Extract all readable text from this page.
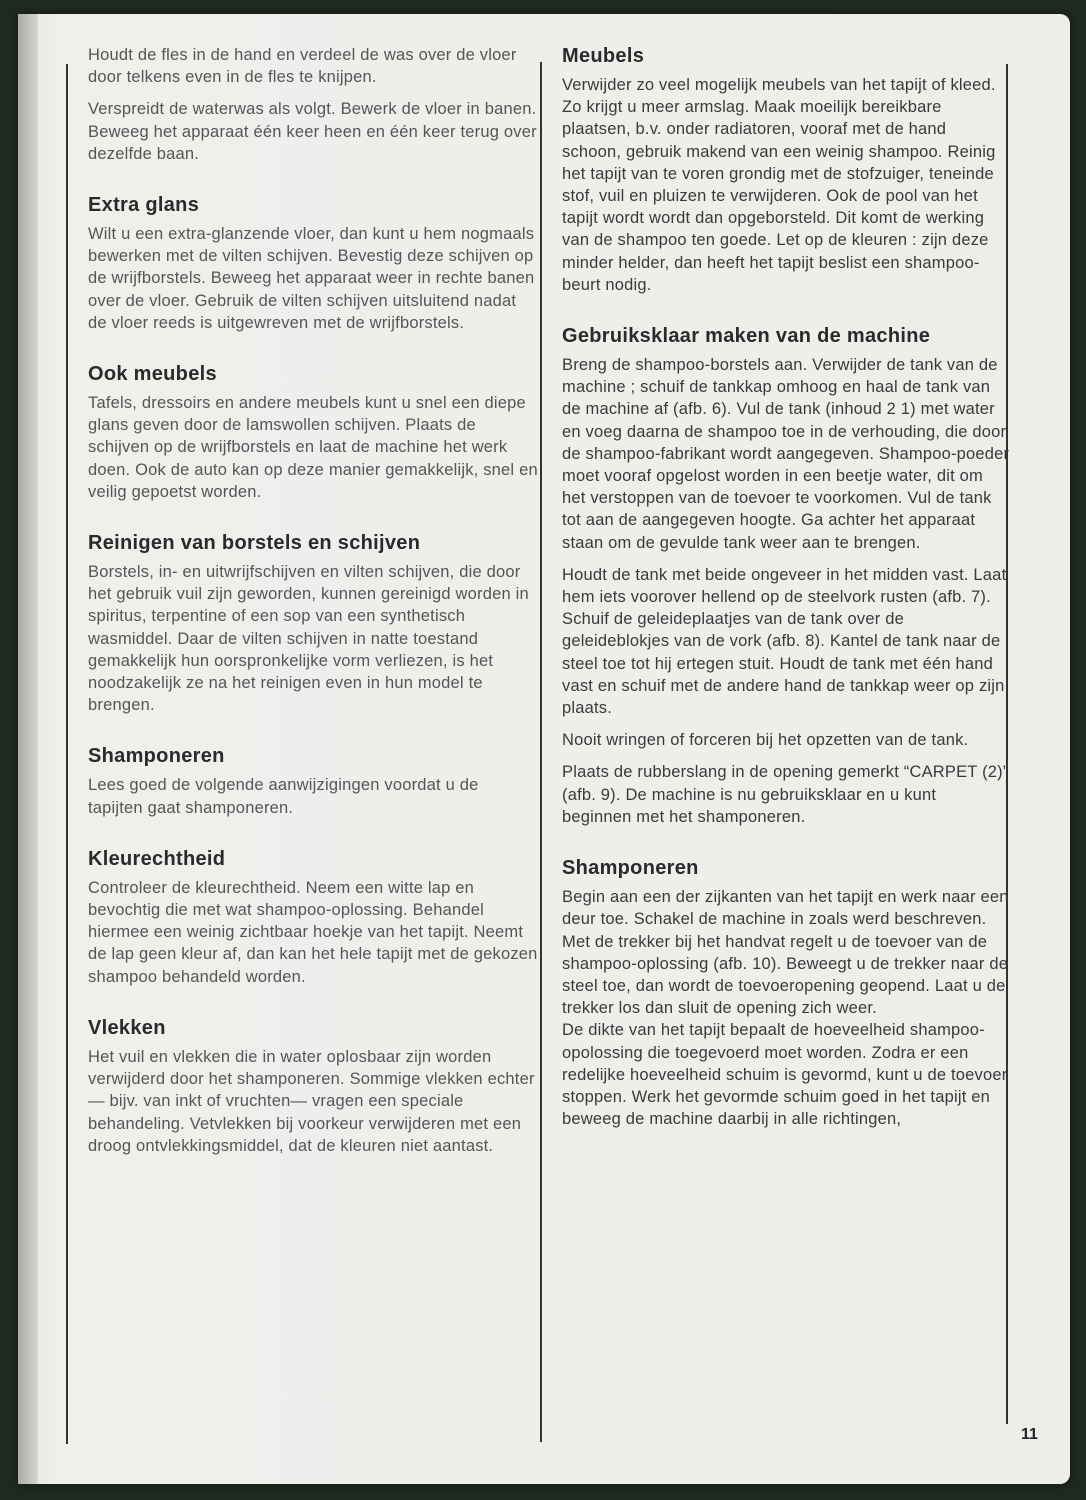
Houdt de fles in de hand en verdeel de was over de vloer door telkens even in de fles te knijpen.

Verspreidt de waterwas als volgt. Bewerk de vloer in banen. Beweeg het apparaat één keer heen en één keer terug over dezelfde baan.

Extra glans

Wilt u een extra-glanzende vloer, dan kunt u hem nogmaals bewerken met de vilten schijven. Bevestig deze schijven op de wrijfborstels. Beweeg het apparaat weer in rechte banen over de vloer. Gebruik de vilten schijven uitsluitend nadat de vloer reeds is uitgewreven met de wrijfborstels.

Ook meubels

Tafels, dressoirs en andere meubels kunt u snel een diepe glans geven door de lamswollen schijven. Plaats de schijven op de wrijfborstels en laat de machine het werk doen. Ook de auto kan op deze manier gemakkelijk, snel en veilig gepoetst worden.

Reinigen van borstels en schijven

Borstels, in- en uitwrijfschijven en vilten schijven, die door het gebruik vuil zijn geworden, kunnen gereinigd worden in spiritus, terpentine of een sop van een synthetisch wasmiddel. Daar de vilten schijven in natte toestand gemakkelijk hun oorspronkelijke vorm verliezen, is het noodzakelijk ze na het reinigen even in hun model te brengen.

Shamponeren

Lees goed de volgende aanwijzigingen voordat u de tapijten gaat shamponeren.

Kleurechtheid

Controleer de kleurechtheid. Neem een witte lap en bevochtig die met wat shampoo-oplossing. Behandel hiermee een weinig zichtbaar hoekje van het tapijt. Neemt de lap geen kleur af, dan kan het hele tapijt met de gekozen shampoo behandeld worden.

Vlekken

Het vuil en vlekken die in water oplosbaar zijn worden verwijderd door het shamponeren. Sommige vlekken echter — bijv. van inkt of vruchten— vragen een speciale behandeling. Vetvlekken bij voorkeur verwijderen met een droog ontvlekkingsmiddel, dat de kleuren niet aantast.

Meubels

Verwijder zo veel mogelijk meubels van het tapijt of kleed. Zo krijgt u meer armslag. Maak moeilijk bereikbare plaatsen, b.v. onder radiatoren, vooraf met de hand schoon, gebruik makend van een weinig shampoo. Reinig het tapijt van te voren grondig met de stofzuiger, teneinde stof, vuil en pluizen te verwijderen. Ook de pool van het tapijt wordt wordt dan opgeborsteld. Dit komt de werking van de shampoo ten goede. Let op de kleuren : zijn deze minder helder, dan heeft het tapijt beslist een shampoo-beurt nodig.

Gebruiksklaar maken van de machine

Breng de shampoo-borstels aan. Verwijder de tank van de machine ; schuif de tankkap omhoog en haal de tank van de machine af (afb. 6). Vul de tank (inhoud 2 1) met water en voeg daarna de shampoo toe in de verhouding, die door de shampoo-fabrikant wordt aangegeven. Shampoo-poeder moet vooraf opgelost worden in een beetje water, dit om het verstoppen van de toevoer te voorkomen. Vul de tank tot aan de aangegeven hoogte. Ga achter het apparaat staan om de gevulde tank weer aan te brengen.

Houdt de tank met beide ongeveer in het midden vast. Laat hem iets voorover hellend op de steelvork rusten (afb. 7). Schuif de geleideplaatjes van de tank over de geleideblokjes van de vork (afb. 8). Kantel de tank naar de steel toe tot hij ertegen stuit. Houdt de tank met één hand vast en schuif met de andere hand de tankkap weer op zijn plaats.

Nooit wringen of forceren bij het opzetten van de tank.

Plaats de rubberslang in de opening gemerkt “CARPET (2)” (afb. 9). De machine is nu gebruiksklaar en u kunt beginnen met het shamponeren.

Shamponeren

Begin aan een der zijkanten van het tapijt en werk naar een deur toe. Schakel de machine in zoals werd beschreven. Met de trekker bij het handvat regelt u de toevoer van de shampoo-oplossing (afb. 10). Beweegt u de trekker naar de steel toe, dan wordt de toevoeropening geopend. Laat u de trekker los dan sluit de opening zich weer.

De dikte van het tapijt bepaalt de hoeveelheid shampoo-opolossing die toegevoerd moet worden. Zodra er een redelijke hoeveelheid schuim is gevormd, kunt u de toevoer stoppen. Werk het gevormde schuim goed in het tapijt en beweeg de machine daarbij in alle richtingen,

11
